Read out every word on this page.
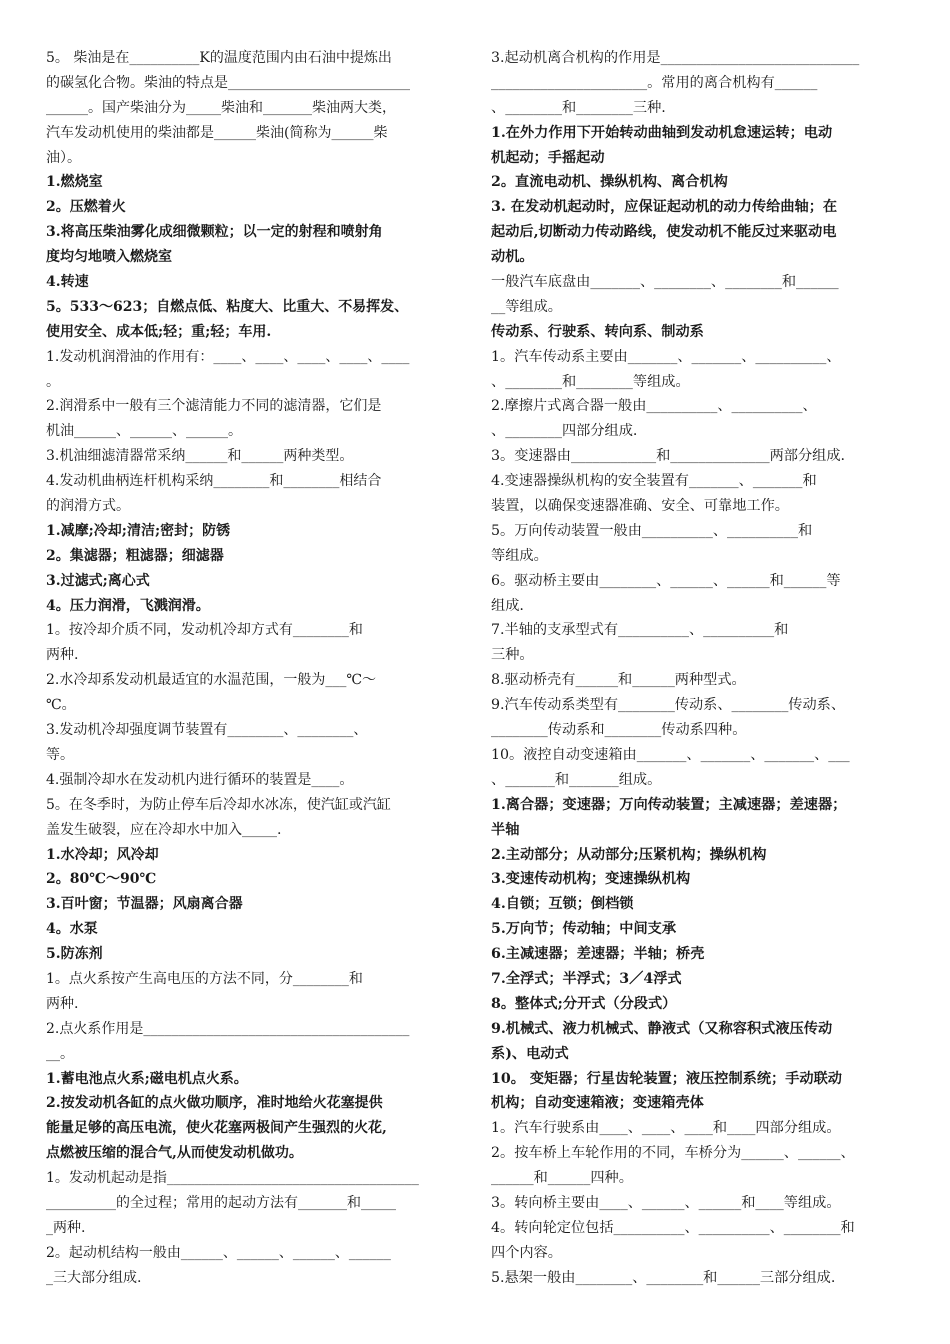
5。 柴油是在__________K的温度范围内由石油中提炼出
的碳氢化合物。柴油的特点是__________________________
______。国产柴油分为_____柴油和_______柴油两大类，
汽车发动机使用的柴油都是______柴油(简称为______柴
油）。
1.燃烧室
2。压燃着火
3.将高压柴油雾化成细微颗粒；以一定的射程和喷射角
度均匀地喷入燃烧室
4.转速
5。533～623；自燃点低、粘度大、比重大、不易挥发、
使用安全、成本低;轻；重;轻；车用.
1.发动机润滑油的作用有：____、____、____、____、____
。
2.润滑系中一般有三个滤清能力不同的滤清器，它们是
机油______、______、______。
3.机油细滤清器常采纳______和______两种类型。
4.发动机曲柄连杆机构采纳________和________相结合
的润滑方式。
1.减摩;冷却;清洁;密封；防锈
2。集滤器；粗滤器；细滤器
3.过滤式;离心式
4。压力润滑，飞溅润滑。
1。按冷却介质不同，发动机冷却方式有________和
两种.
2.水冷却系发动机最适宜的水温范围，一般为___℃～
℃。
3.发动机冷却强度调节装置有________、________、
等。
4.强制冷却水在发动机内进行循环的装置是____。
5。在冬季时，为防止停车后冷却水冰冻，使汽缸或汽缸
盖发生破裂，应在冷却水中加入_____.
1.水冷却；风冷却
2。80℃～90℃
3.百叶窗；节温器；风扇离合器
4。水泵
5.防冻剂
1。点火系按产生高电压的方法不同，分________和
两种.
2.点火系作用是______________________________________
__。
1.蓄电池点火系;磁电机点火系。
2.按发动机各缸的点火做功顺序，准时地给火花塞提供
能量足够的高压电流，使火花塞两极间产生强烈的火花,
点燃被压缩的混合气,从而使发动机做功。
1。发动机起动是指____________________________________
__________的全过程；常用的起动方法有_______和_____
_两种.
2。起动机结构一般由______、______、______、______
_三大部分组成.
3.起动机离合机构的作用是____________________________
______________________。常用的离合机构有______
、________和________三种.
1.在外力作用下开始转动曲轴到发动机怠速运转；电动
机起动；手摇起动
2。直流电动机、操纵机构、离合机构
3. 在发动机起动时，应保证起动机的动力传给曲轴；在
起动后,切断动力传动路线，使发动机不能反过来驱动电
动机。
一般汽车底盘由_______、________、________和______
__等组成。
传动系、行驶系、转向系、制动系
1。汽车传动系主要由_______、_______、__________、
、________和________等组成。
2.摩擦片式离合器一般由__________、__________、
、________四部分组成.
3。变速器由____________和______________两部分组成.
4.变速器操纵机构的安全装置有_______、_______和
装置，以确保变速器准确、安全、可靠地工作。
5。万向传动装置一般由__________、__________和
等组成。
6。驱动桥主要由________、______、______和______等
组成.
7.半轴的支承型式有__________、__________和
三种。
8.驱动桥壳有______和______两种型式。
9.汽车传动系类型有________传动系、________传动系、
________传动系和________传动系四种。
10。液控自动变速箱由_______、_______、_______、___
、_______和_______组成。
1.离合器；变速器；万向传动装置；主减速器；差速器；
半轴
2.主动部分；从动部分;压紧机构；操纵机构
3.变速传动机构；变速操纵机构
4.自锁；互锁；倒档锁
5.万向节；传动轴；中间支承
6.主减速器；差速器；半轴；桥壳
7.全浮式；半浮式；3／4浮式
8。整体式;分开式（分段式）
9.机械式、液力机械式、静液式（又称容积式液压传动
系)、电动式
10。 变矩器；行星齿轮装置；液压控制系统；手动联动
机构；自动变速箱液；变速箱壳体
1。汽车行驶系由____、____、____和____四部分组成。
2。按车桥上车轮作用的不同，车桥分为______、______、
______和______四种。
3。转向桥主要由____、______、______和____等组成。
4。转向轮定位包括__________、__________、________和
四个内容。
5.悬架一般由________、________和______三部分组成.
